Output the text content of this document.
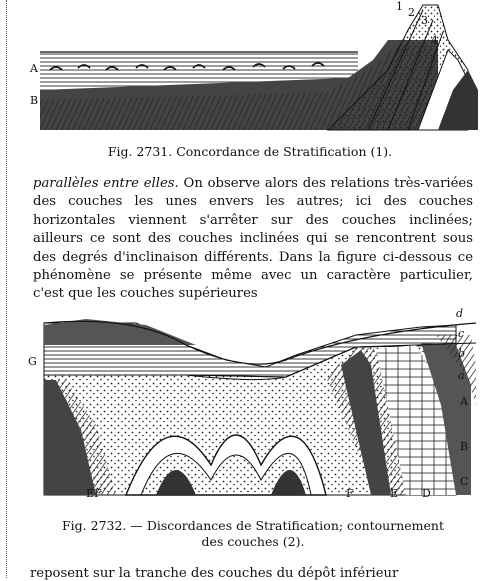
A
B
1 2
3
4
Fig. 2731. Concordance de Stratification (1).
parallèles entre elles. On observe alors des relations très-variées des couches les unes envers les autres; ici des couches horizontales viennent s'arrêter sur des couches inclinées; ailleurs ce sont des couches inclinées qui se rencontrent sous des degrés d'inclinaison différents. Dans la figure ci-dessous ce phénomène se présente même avec un caractère particulier, c'est que les couches supérieures
G
d
c
b
a
A
B
C
D
E
F
EF
Fig. 2732. — Discordances de Stratification; contournement
des couches (2).
reposent sur la tranche des couches du dépôt inférieur
